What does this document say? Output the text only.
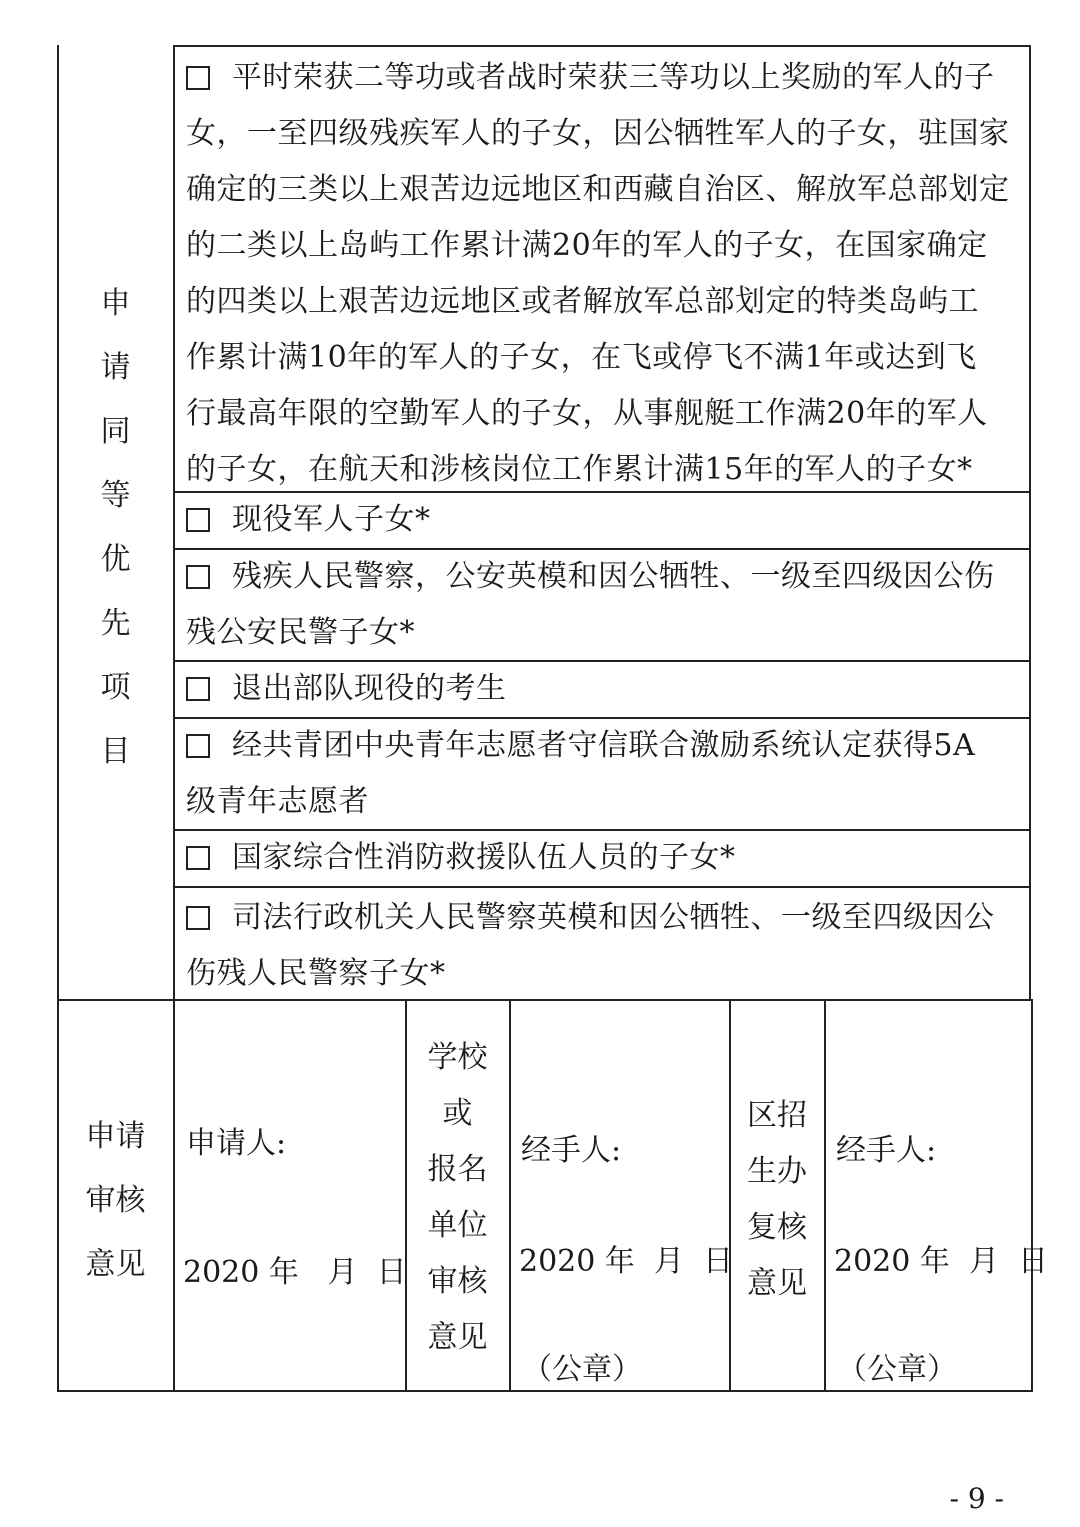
申
请
同
等
优
先
项
目

平时荣获二等功或者战时荣获三等功以上奖励的军人的子

女，一至四级残疾军人的子女，因公牺牲军人的子女，驻国家

确定的三类以上艰苦边远地区和西藏自治区、解放军总部划定

的二类以上岛屿工作累计满20年的军人的子女，在国家确定

的四类以上艰苦边远地区或者解放军总部划定的特类岛屿工

作累计满10年的军人的子女，在飞或停飞不满1年或达到飞

行最高年限的空勤军人的子女，从事舰艇工作满20年的军人

的子女，在航天和涉核岗位工作累计满15年的军人的子女*

现役军人子女*

残疾人民警察，公安英模和因公牺牲、一级至四级因公伤

残公安民警子女*

退出部队现役的考生

经共青团中央青年志愿者守信联合激励系统认定获得5A

级青年志愿者

国家综合性消防救援队伍人员的子女*

司法行政机关人民警察英模和因公牺牲、一级至四级因公

伤残人民警察子女*

申请
审核
意见
申请人:
2020 年   月  日
学校
或
报名
单位
审核
意见
经手人:
2020 年  月  日
（公章）
区招
生办
复核
意见
经手人:
2020 年  月  日
（公章）
- 9 -
